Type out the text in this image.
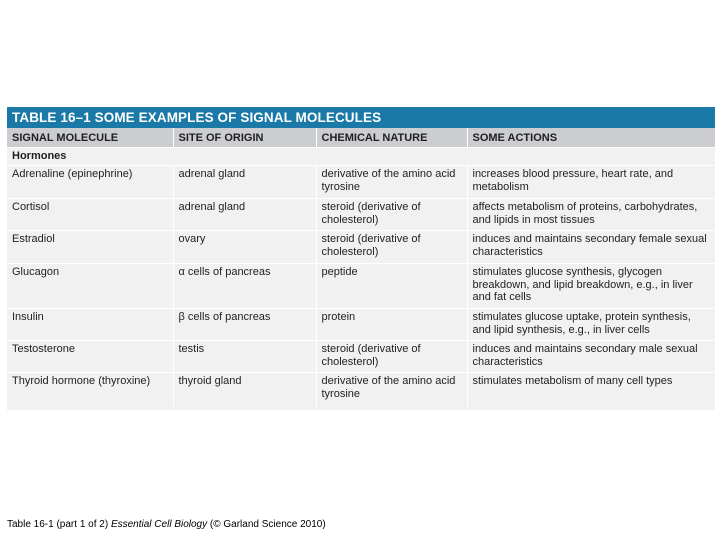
TABLE 16–1 SOME EXAMPLES OF SIGNAL MOLECULES
SIGNAL MOLECULE	SITE OF ORIGIN	CHEMICAL NATURE	SOME ACTIONS
Hormones			
Adrenaline (epinephrine)	adrenal gland	derivative of the amino acid tyrosine	increases blood pressure, heart rate, and metabolism
Cortisol	adrenal gland	steroid (derivative of cholesterol)	affects metabolism of proteins, carbohydrates, and lipids in most tissues
Estradiol	ovary	steroid (derivative of cholesterol)	induces and maintains secondary female sexual characteristics
Glucagon	α cells of pancreas	peptide	stimulates glucose synthesis, glycogen breakdown, and lipid breakdown, e.g., in liver and fat cells
Insulin	β cells of pancreas	protein	stimulates glucose uptake, protein synthesis, and lipid synthesis, e.g., in liver cells
Testosterone	testis	steroid (derivative of cholesterol)	induces and maintains secondary male sexual characteristics
Thyroid hormone (thyroxine)	thyroid gland	derivative of the amino acid tyrosine	stimulates metabolism of many cell types
Table 16-1 (part 1 of 2) Essential Cell Biology (© Garland Science 2010)
